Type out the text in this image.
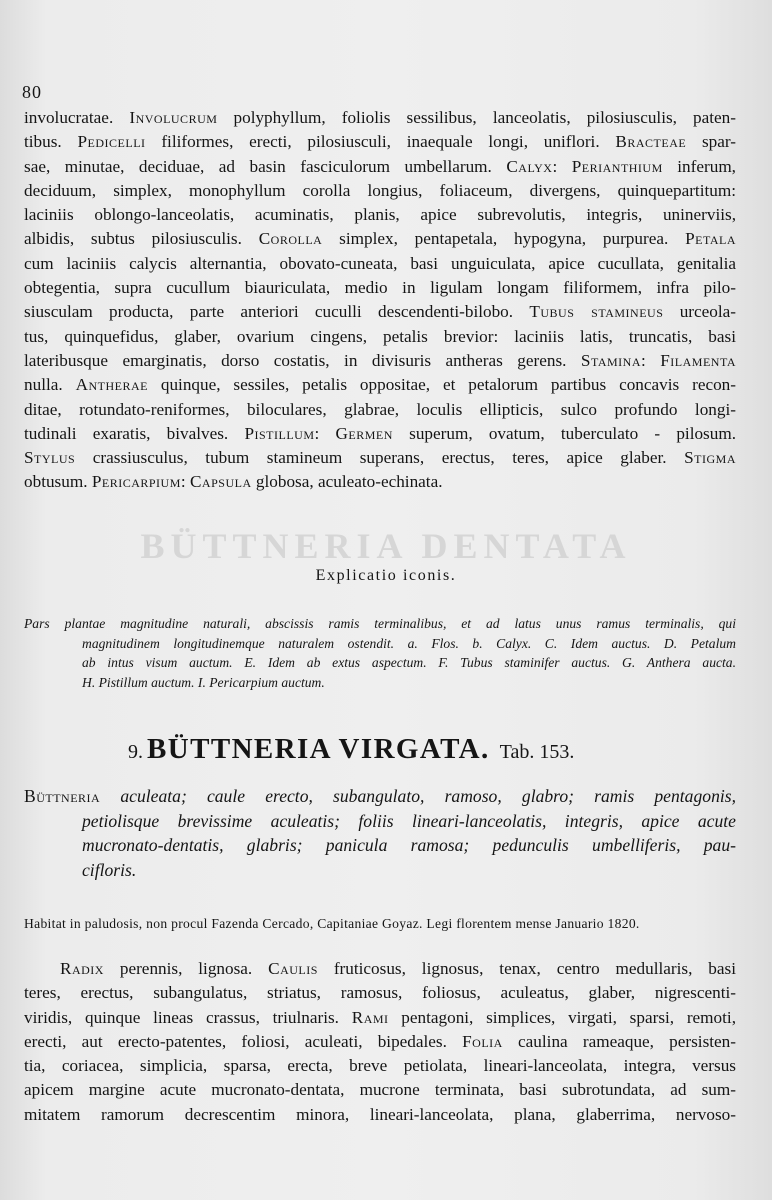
BÜTTNERIA DENTATA
80
involucratae. Involucrum polyphyllum, foliolis sessilibus, lanceolatis, pilosiusculis, paten-
tibus. Pedicelli filiformes, erecti, pilosiusculi, inaequale longi, uniflori. Bracteae spar-
sae, minutae, deciduae, ad basin fasciculorum umbellarum. Calyx: Perianthium inferum,
deciduum, simplex, monophyllum corolla longius, foliaceum, divergens, quinquepartitum:
laciniis oblongo-lanceolatis, acuminatis, planis, apice subrevolutis, integris, uninerviis,
albidis, subtus pilosiusculis. Corolla simplex, pentapetala, hypogyna, purpurea. Petala
cum laciniis calycis alternantia, obovato-cuneata, basi unguiculata, apice cucullata, genitalia
obtegentia, supra cucullum biauriculata, medio in ligulam longam filiformem, infra pilo-
siusculam producta, parte anteriori cuculli descendenti-bilobo. Tubus staminеus urceola-
tus, quinquefidus, glaber, ovarium cingens, petalis brevior: laciniis latis, truncatis, basi
lateribusque emarginatis, dorso costatis, in divisuris antheras gerens. Stamina: Filamenta
nulla. Antherae quinque, sessiles, petalis oppositae, et petalorum partibus concavis recon-
ditae, rotundato-reniformes, biloculares, glabrae, loculis ellipticis, sulco profundo longi-
tudinali exaratis, bivalves. Pistillum: Germen superum, ovatum, tuberculato - pilosum.
Stylus crassiusculus, tubum stamineum superans, erectus, teres, apice glaber. Stigma
obtusum. Pericarpium: Capsula globosa, aculeato-echinata.
Explicatio iconis.
Pars plantae magnitudine naturali, abscissis ramis terminalibus, et ad latus unus ramus terminalis, qui
magnitudinem longitudinemque naturalem ostendit. a. Flos. b. Calyx. C. Idem auctus. D. Petalum
ab intus visum auctum. E. Idem ab extus aspectum. F. Tubus staminifer auctus. G. Anthera aucta.
H. Pistillum auctum. I. Pericarpium auctum.
9. BÜTTNERIA VIRGATA. Tab. 153.
Büttneria aculeata; caule erecto, subangulato, ramoso, glabro; ramis pentagonis,
petiolisque brevissime aculeatis; foliis lineari-lanceolatis, integris, apice acute
mucronato-dentatis, glabris; panicula ramosa; pedunculis umbelliferis, pau-
cifloris.
Habitat in paludosis, non procul Fazenda Cercado, Capitaniae Goyaz. Legi florentem mense Januario 1820.
Radix perennis, lignosa. Caulis fruticosus, lignosus, tenax, centro medullaris, basi
teres, erectus, subangulatus, striatus, ramosus, foliosus, aculeatus, glaber, nigrescenti-
viridis, quinque lineas crassus, triulnaris. Rami pentagoni, simplices, virgati, sparsi, remoti,
erecti, aut erecto-patentes, foliosi, aculeati, bipedales. Folia caulina rameaque, persisten-
tia, coriacea, simplicia, sparsa, erecta, breve petiolata, lineari-lanceolata, integra, versus
apicem margine acute mucronato-dentata, mucrone terminata, basi subrotundata, ad sum-
mitatem ramorum decrescentim minora, lineari-lanceolata, plana, glaberrima, nervoso-
